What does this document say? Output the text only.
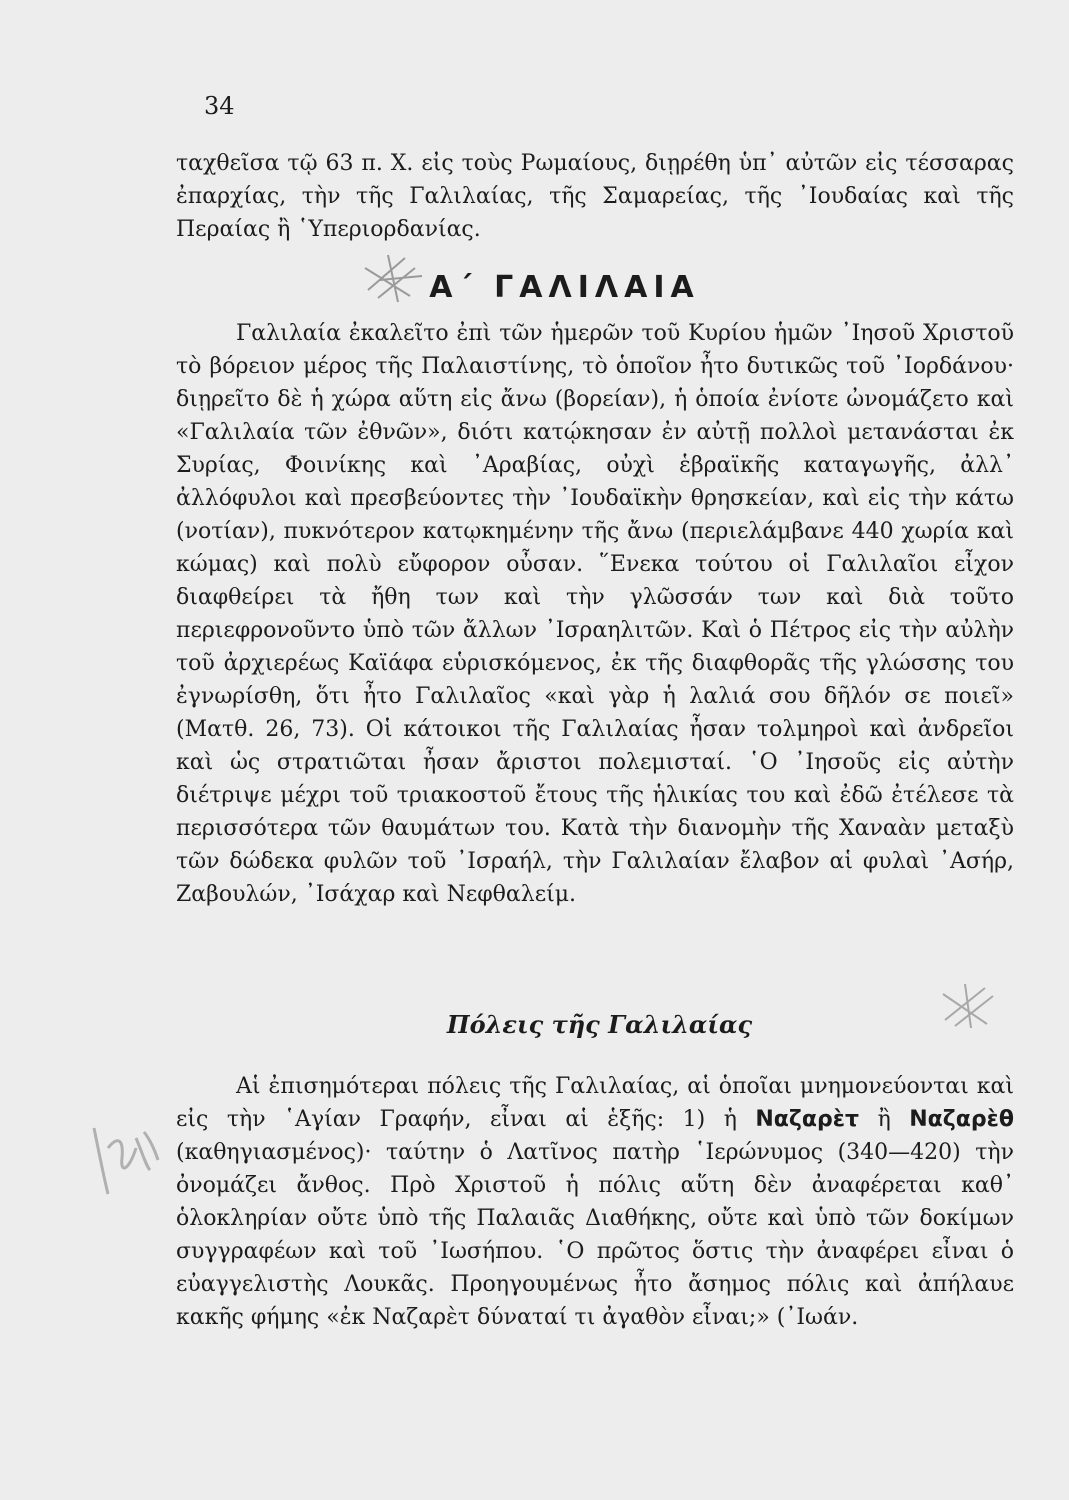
34

ταχθεῖσα τῷ 63 π. Χ. εἰς τοὺς Ρωμαίους, διῃρέθη ὑπ᾿ αὐτῶν εἰς τέσσαρας ἐπαρχίας, τὴν τῆς Γαλιλαίας, τῆς Σαμαρείας, τῆς ᾿Ιουδαίας καὶ τῆς Περαίας ἢ ῾Υπεριορδανίας.

Α΄ ΓΑΛΙΛΑΙΑ

Γαλιλαία ἐκαλεῖτο ἐπὶ τῶν ἡμερῶν τοῦ Κυρίου ἡμῶν ᾿Ιησοῦ Χριστοῦ τὸ βόρειον μέρος τῆς Παλαιστίνης, τὸ ὁποῖον ἦτο δυτικῶς τοῦ ᾿Ιορδάνου· διῃρεῖτο δὲ ἡ χώρα αὕτη εἰς ἄνω (βορείαν), ἡ ὁποία ἐνίοτε ὠνομάζετο καὶ «Γαλιλαία τῶν ἐθνῶν», διότι κατῴκησαν ἐν αὐτῇ πολλοὶ μετανάσται ἐκ Συρίας, Φοινίκης καὶ ᾿Αραβίας, οὐχὶ ἑβραϊκῆς καταγωγῆς, ἀλλ᾿ ἀλλόφυλοι καὶ πρεσβεύοντες τὴν ᾿Ιουδαϊκὴν θρησκείαν, καὶ εἰς τὴν κάτω (νοτίαν), πυκνότερον κατῳκημένην τῆς ἄνω (περιελάμβανε 440 χωρία καὶ κώμας) καὶ πολὺ εὔφορον οὖσαν. ῞Ενεκα τούτου οἱ Γαλιλαῖοι εἶχον διαφθείρει τὰ ἤθη των καὶ τὴν γλῶσσάν των καὶ διὰ τοῦτο περιεφρονοῦντο ὑπὸ τῶν ἄλλων ᾿Ισραηλιτῶν. Καὶ ὁ Πέτρος εἰς τὴν αὐλὴν τοῦ ἀρχιερέως Καϊάφα εὑρισκόμενος, ἐκ τῆς διαφθορᾶς τῆς γλώσσης του ἐγνωρίσθη, ὅτι ἦτο Γαλιλαῖος «καὶ γὰρ ἡ λαλιά σου δῆλόν σε ποιεῖ» (Ματθ. 26, 73). Οἱ κάτοικοι τῆς Γαλιλαίας ἦσαν τολμηροὶ καὶ ἀνδρεῖοι καὶ ὡς στρατιῶται ἦσαν ἄριστοι πολεμισταί. ῾Ο ᾿Ιησοῦς εἰς αὐτὴν διέτριψε μέχρι τοῦ τριακοστοῦ ἔτους τῆς ἡλικίας του καὶ ἐδῶ ἐτέλεσε τὰ περισσότερα τῶν θαυμάτων του. Κατὰ τὴν διανομὴν τῆς Χαναὰν μεταξὺ τῶν δώδεκα φυλῶν τοῦ ᾿Ισραήλ, τὴν Γαλιλαίαν ἔλαβον αἱ φυλαὶ ᾿Ασήρ, Ζαβουλών, ᾿Ισάχαρ καὶ Νεφθαλείμ.

Πόλεις τῆς Γαλιλαίας

Αἱ ἐπισημότεραι πόλεις τῆς Γαλιλαίας, αἱ ὁποῖαι μνημονεύονται καὶ εἰς τὴν ῾Αγίαν Γραφήν, εἶναι αἱ ἑξῆς: 1) ἡ Ναζαρὲτ ἢ Ναζαρὲθ (καθηγιασμένος)· ταύτην ὁ Λατῖνος πατὴρ ῾Ιερώνυμος (340—420) τὴν ὀνομάζει ἄνθος. Πρὸ Χριστοῦ ἡ πόλις αὕτη δὲν ἀναφέρεται καθ᾿ ὁλοκληρίαν οὔτε ὑπὸ τῆς Παλαιᾶς Διαθήκης, οὔτε καὶ ὑπὸ τῶν δοκίμων συγγραφέων καὶ τοῦ ᾿Ιωσήπου. ῾Ο πρῶτος ὅστις τὴν ἀναφέρει εἶναι ὁ εὐαγγελιστὴς Λουκᾶς. Προηγουμένως ἦτο ἄσημος πόλις καὶ ἀπήλαυε κακῆς φήμης «ἐκ Ναζαρὲτ δύναταί τι ἀγαθὸν εἶναι;» (᾿Ιωάν.
